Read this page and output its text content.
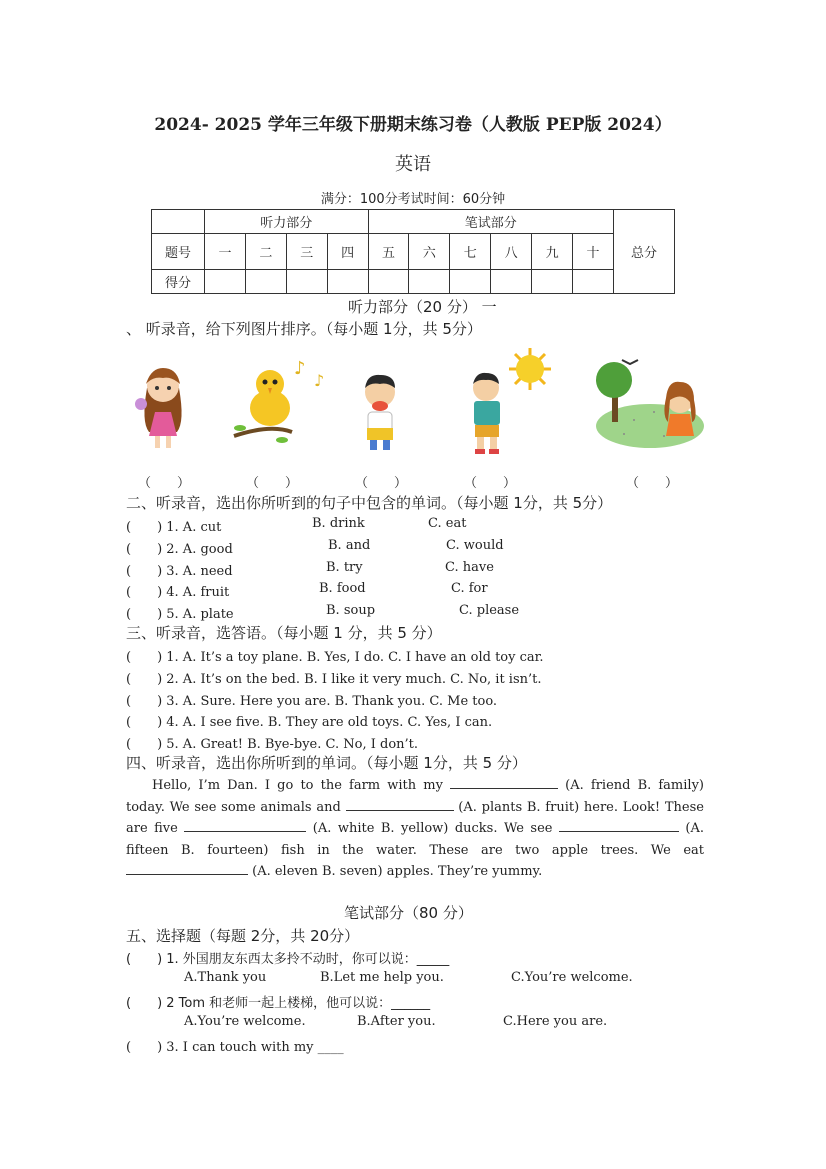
2024- 2025 学年三年级下册期末练习卷（人教版 PEP版 2024）
英语
满分：100分考试时间：60分钟
	听力部分				笔试部分						总分
题号	一	二	三	四	五	六	七	八	九	十	
得分											
听力部分（20 分） 一
、 听录音，给下列图片排序。（每小题 1分，共 5分）
♪
♪
（　　）	（　　）	（　　）	（　　）	（　　）
二、听录音，选出你所听到的句子中包含的单词。（每小题 1分，共 5分）
(　　) 1. A. cut	B. drink	C. eat
(　　) 2. A. good	B. and	C. would
(　　) 3. A. need	B. try	C. have
(　　) 4. A. fruit	B. food	C. for
(　　) 5. A. plate	B. soup	C. please
三、听录音，选答语。（每小题 1 分，共 5 分）
(　　) 1. A. It’s a toy plane. B. Yes, I do. C. I have an old toy car.
(　　) 2. A. It’s on the bed. B. I like it very much. C. No, it isn’t.
(　　) 3. A. Sure. Here you are. B. Thank you. C. Me too.
(　　) 4. A. I see five. B. They are old toys. C. Yes, I can.
(　　) 5. A. Great! B. Bye-bye. C. No, I don’t.
四、听录音，选出你所听到的单词。（每小题 1分，共 5 分）
Hello, I’m Dan. I go to the farm with my	(A. friend B. family) today. We see some animals and	(A. plants B. fruit) here. Look! These are five	(A. white B. yellow) ducks. We see	(A. fifteen B. fourteen) fish in the water. These are two apple trees. We eat  (A. eleven B. seven) apples. They’re yummy.
笔试部分（80 分）
五、选择题（每题 2分，共 20分）
(　　) 1. 外国朋友东西太多拎不动时，你可以说：_____
A.Thank you	B.Let me help you.	C.You’re welcome.
(　　) 2 Tom 和老师一起上楼梯，他可以说：______
A.You’re welcome.	B.After you.	C.Here you are.
(　　) 3. I can touch with my ____
